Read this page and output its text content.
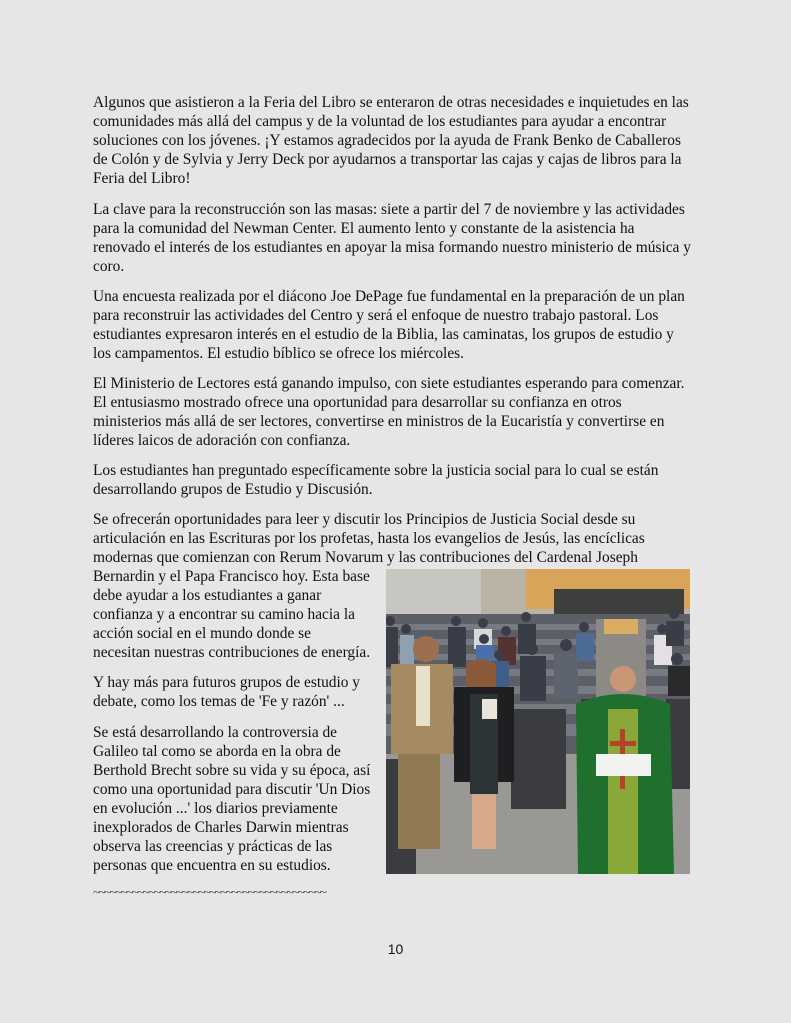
Algunos que asistieron a la Feria del Libro se enteraron de otras necesidades e inquietudes en las
comunidades más allá del campus y de la voluntad de los estudiantes para ayudar a encontrar
soluciones con los jóvenes. ¡Y estamos agradecidos por la ayuda de Frank Benko de Caballeros
de Colón y de Sylvia y Jerry Deck por ayudarnos a transportar las cajas y cajas de libros para la
Feria del Libro!
La clave para la reconstrucción son las masas: siete a partir del 7 de noviembre y las actividades
para la comunidad del Newman Center. El aumento lento y constante de la asistencia ha
renovado el interés de los estudiantes en apoyar la misa formando nuestro ministerio de música y
coro.
Una encuesta realizada por el diácono Joe DePage fue fundamental en la preparación de un plan
para reconstruir las actividades del Centro y será el enfoque de nuestro trabajo pastoral. Los
estudiantes expresaron interés en el estudio de la Biblia, las caminatas, los grupos de estudio y
los campamentos. El estudio bíblico se ofrece los miércoles.
El Ministerio de Lectores está ganando impulso, con siete estudiantes esperando para comenzar.
El entusiasmo mostrado ofrece una oportunidad para desarrollar su confianza en otros
ministerios más allá de ser lectores, convertirse en ministros de la Eucaristía y convertirse en
líderes laicos de adoración con confianza.
Los estudiantes han preguntado específicamente sobre la justicia social para lo cual se están
desarrollando grupos de Estudio y Discusión.
Se ofrecerán oportunidades para leer y discutir los Principios de Justicia Social desde su
articulación en las Escrituras por los profetas, hasta los evangelios de Jesús, las encíclicas
modernas que comienzan con Rerum Novarum y las contribuciones del Cardenal Joseph
Bernardin y el Papa Francisco hoy. Esta base
debe ayudar a los estudiantes a ganar
confianza y a encontrar su camino hacia la
acción social en el mundo donde se
necesitan nuestras contribuciones de energía.
Y hay más para futuros grupos de estudio y
debate, como los temas de 'Fe y razón' ...
Se está desarrollando la controversia de
Galileo tal como se aborda en la obra de
Berthold Brecht sobre su vida y su época, así
como una oportunidad para discutir 'Un Dios
en evolución ...' los diarios previamente
inexplorados de Charles Darwin mientras
observa las creencias y prácticas de las
personas que encuentra en su estudios.
~~~~~~~~~~~~~~~~~~~~~~~~~~~~~~~~~~~~~~~~~~
10
